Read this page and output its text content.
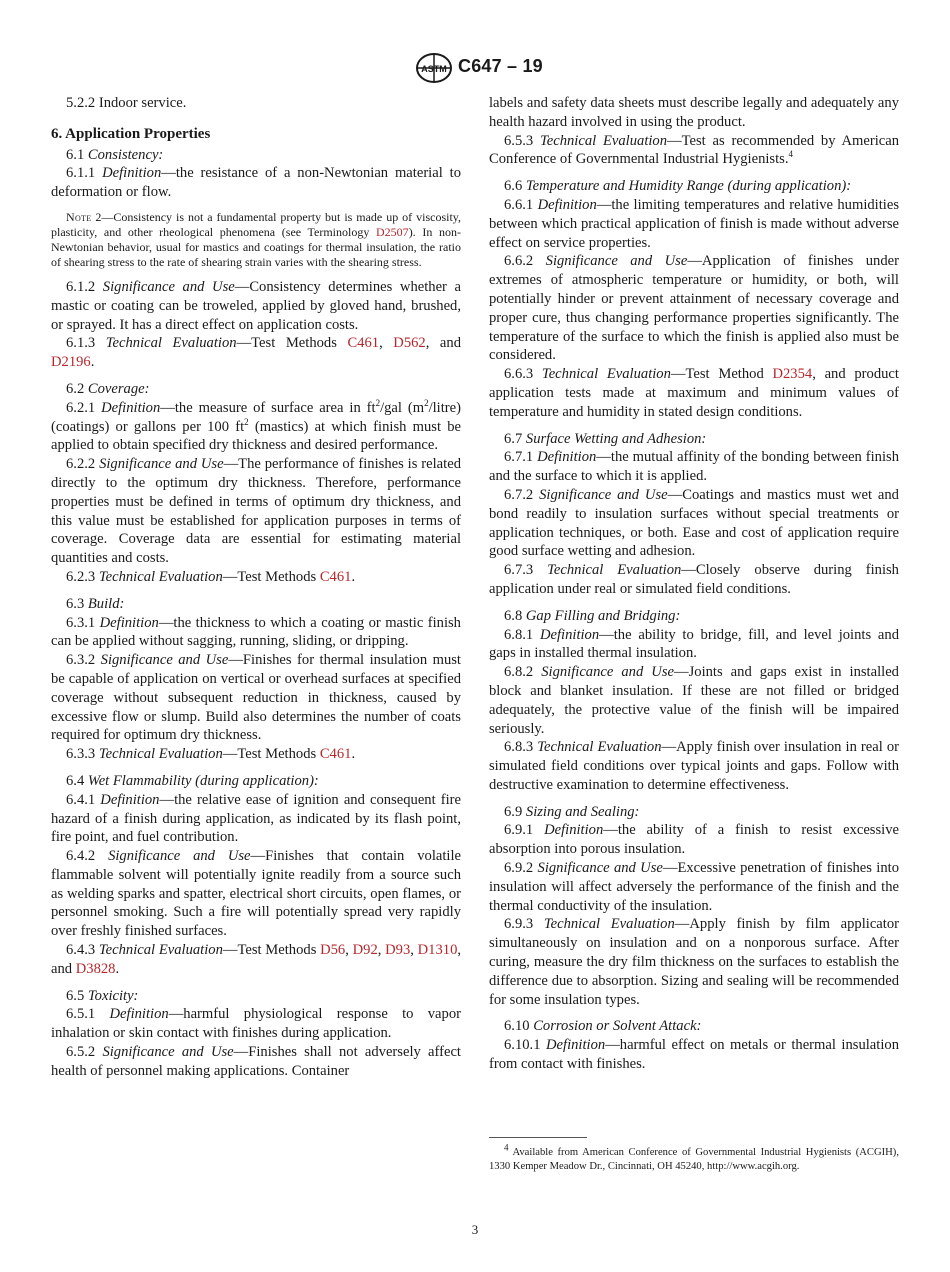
ASTM C647 – 19

5.2.2 Indoor service.

6. Application Properties

6.1 Consistency:

6.1.1 Definition—the resistance of a non-Newtonian material to deformation or flow.

Note 2—Consistency is not a fundamental property but is made up of viscosity, plasticity, and other rheological phenomena (see Terminology D2507). In non-Newtonian behavior, usual for mastics and coatings for thermal insulation, the ratio of shearing stress to the rate of shearing strain varies with the shearing stress.

6.1.2 Significance and Use—Consistency determines whether a mastic or coating can be troweled, applied by gloved hand, brushed, or sprayed. It has a direct effect on application costs.

6.1.3 Technical Evaluation—Test Methods C461, D562, and D2196.

6.2 Coverage:

6.2.1 Definition—the measure of surface area in $ft^2$/gal $(m^2/litre)$ (coatings) or gallons per 100 $ft^2$ (mastics) at which finish must be applied to obtain specified dry thickness and desired performance.

6.2.2 Significance and Use—The performance of finishes is related directly to the optimum dry thickness. Therefore, performance properties must be defined in terms of optimum dry thickness, and this value must be established for application purposes in terms of coverage. Coverage data are essential for estimating material quantities and costs.

6.2.3 Technical Evaluation—Test Methods C461.

6.3 Build:

6.3.1 Definition—the thickness to which a coating or mastic finish can be applied without sagging, running, sliding, or dripping.

6.3.2 Significance and Use—Finishes for thermal insulation must be capable of application on vertical or overhead surfaces at specified coverage without subsequent reduction in thickness, caused by excessive flow or slump. Build also determines the number of coats required for optimum dry thickness.

6.3.3 Technical Evaluation—Test Methods C461.

6.4 Wet Flammability (during application):

6.4.1 Definition—the relative ease of ignition and consequent fire hazard of a finish during application, as indicated by its flash point, fire point, and fuel contribution.

6.4.2 Significance and Use—Finishes that contain volatile flammable solvent will potentially ignite readily from a source such as welding sparks and spatter, electrical short circuits, open flames, or personnel smoking. Such a fire will potentially spread very rapidly over freshly finished surfaces.

6.4.3 Technical Evaluation—Test Methods D56, D92, D93, D1310, and D3828.

6.5 Toxicity:

6.5.1 Definition—harmful physiological response to vapor inhalation or skin contact with finishes during application.

6.5.2 Significance and Use—Finishes shall not adversely affect health of personnel making applications. Container

labels and safety data sheets must describe legally and adequately any health hazard involved in using the product.

6.5.3 Technical Evaluation—Test as recommended by American Conference of Governmental Industrial Hygienists.$^4$

6.6 Temperature and Humidity Range (during application):

6.6.1 Definition—the limiting temperatures and relative humidities between which practical application of finish is made without adverse effect on service properties.

6.6.2 Significance and Use—Application of finishes under extremes of atmospheric temperature or humidity, or both, will potentially hinder or prevent attainment of necessary coverage and proper cure, thus changing performance properties significantly. The temperature of the surface to which the finish is applied also must be considered.

6.6.3 Technical Evaluation—Test Method D2354, and product application tests made at maximum and minimum values of temperature and humidity in stated design conditions.

6.7 Surface Wetting and Adhesion:

6.7.1 Definition—the mutual affinity of the bonding between finish and the surface to which it is applied.

6.7.2 Significance and Use—Coatings and mastics must wet and bond readily to insulation surfaces without special treatments or application techniques, or both. Ease and cost of application require good surface wetting and adhesion.

6.7.3 Technical Evaluation—Closely observe during finish application under real or simulated field conditions.

6.8 Gap Filling and Bridging:

6.8.1 Definition—the ability to bridge, fill, and level joints and gaps in installed thermal insulation.

6.8.2 Significance and Use—Joints and gaps exist in installed block and blanket insulation. If these are not filled or bridged adequately, the protective value of the finish will be impaired seriously.

6.8.3 Technical Evaluation—Apply finish over insulation in real or simulated field conditions over typical joints and gaps. Follow with destructive examination to determine effectiveness.

6.9 Sizing and Sealing:

6.9.1 Definition—the ability of a finish to resist excessive absorption into porous insulation.

6.9.2 Significance and Use—Excessive penetration of finishes into insulation will affect adversely the performance of the finish and the thermal conductivity of the insulation.

6.9.3 Technical Evaluation—Apply finish by film applicator simultaneously on insulation and on a nonporous surface. After curing, measure the dry film thickness on the surfaces to establish the difference due to absorption. Sizing and sealing will be recommended for some insulation types.

6.10 Corrosion or Solvent Attack:

6.10.1 Definition—harmful effect on metals or thermal insulation from contact with finishes.

$^4$ Available from American Conference of Governmental Industrial Hygienists (ACGIH), 1330 Kemper Meadow Dr., Cincinnati, OH 45240, http://www.acgih.org.
3
